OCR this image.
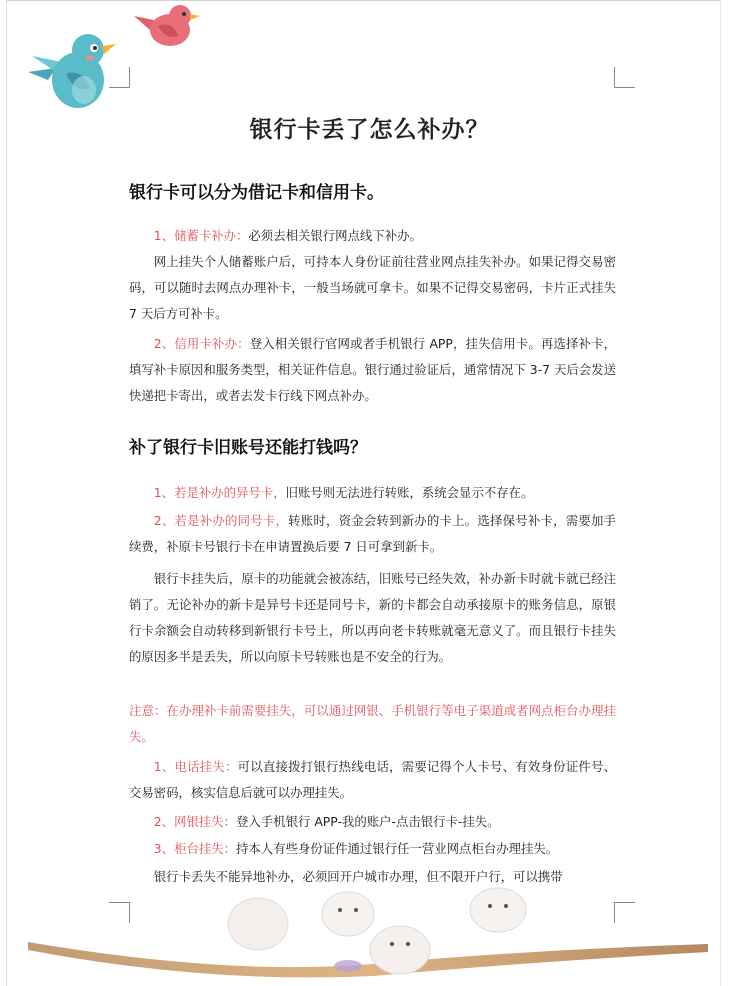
银行卡丢了怎么补办？
银行卡可以分为借记卡和信用卡。
1、储蓄卡补办：必须去相关银行网点线下补办。
网上挂失个人储蓄账户后，可持本人身份证前往营业网点挂失补办。如果记得交易密码，可以随时去网点办理补卡，一般当场就可拿卡。如果不记得交易密码，卡片正式挂失 7 天后方可补卡。
2、信用卡补办：登入相关银行官网或者手机银行 APP，挂失信用卡。再选择补卡，填写补卡原因和服务类型，相关证件信息。银行通过验证后，通常情况下 3-7 天后会发送快递把卡寄出，或者去发卡行线下网点补办。
补了银行卡旧账号还能打钱吗？
1、若是补办的异号卡，旧账号则无法进行转账，系统会显示不存在。
2、若是补办的同号卡，转账时，资金会转到新办的卡上。选择保号补卡，需要加手续费，补原卡号银行卡在申请置换后要 7 日可拿到新卡。
银行卡挂失后，原卡的功能就会被冻结，旧账号已经失效，补办新卡时就卡就已经注销了。无论补办的新卡是异号卡还是同号卡，新的卡都会自动承接原卡的账务信息，原银行卡余额会自动转移到新银行卡号上，所以再向老卡转账就毫无意义了。而且银行卡挂失的原因多半是丢失，所以向原卡号转账也是不安全的行为。
注意：在办理补卡前需要挂失，可以通过网银、手机银行等电子渠道或者网点柜台办理挂失。
1、电话挂失：可以直接拨打银行热线电话，需要记得个人卡号、有效身份证件号、交易密码，核实信息后就可以办理挂失。
2、网银挂失：登入手机银行 APP-我的账户-点击银行卡-挂失。
3、柜台挂失：持本人有些身份证件通过银行任一营业网点柜台办理挂失。
银行卡丢失不能异地补办，必须回开户城市办理，但不限开户行，可以携带
